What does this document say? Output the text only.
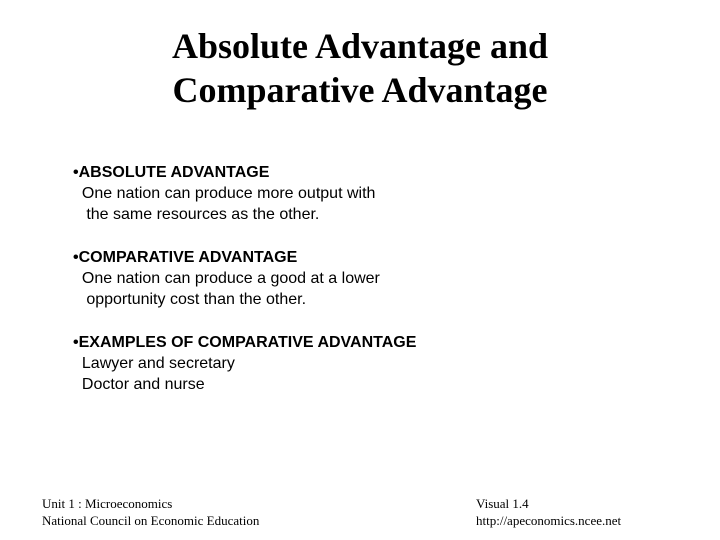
Absolute Advantage and
Comparative Advantage
•ABSOLUTE ADVANTAGE
One nation can produce more output with
the same resources as the other.
•COMPARATIVE ADVANTAGE
One nation can produce a good at a lower
opportunity cost than the other.
•EXAMPLES OF COMPARATIVE ADVANTAGE
Lawyer and secretary
Doctor and nurse
Unit 1 : Microeconomics
National Council on Economic Education
Visual 1.4
http://apeconomics.ncee.net
